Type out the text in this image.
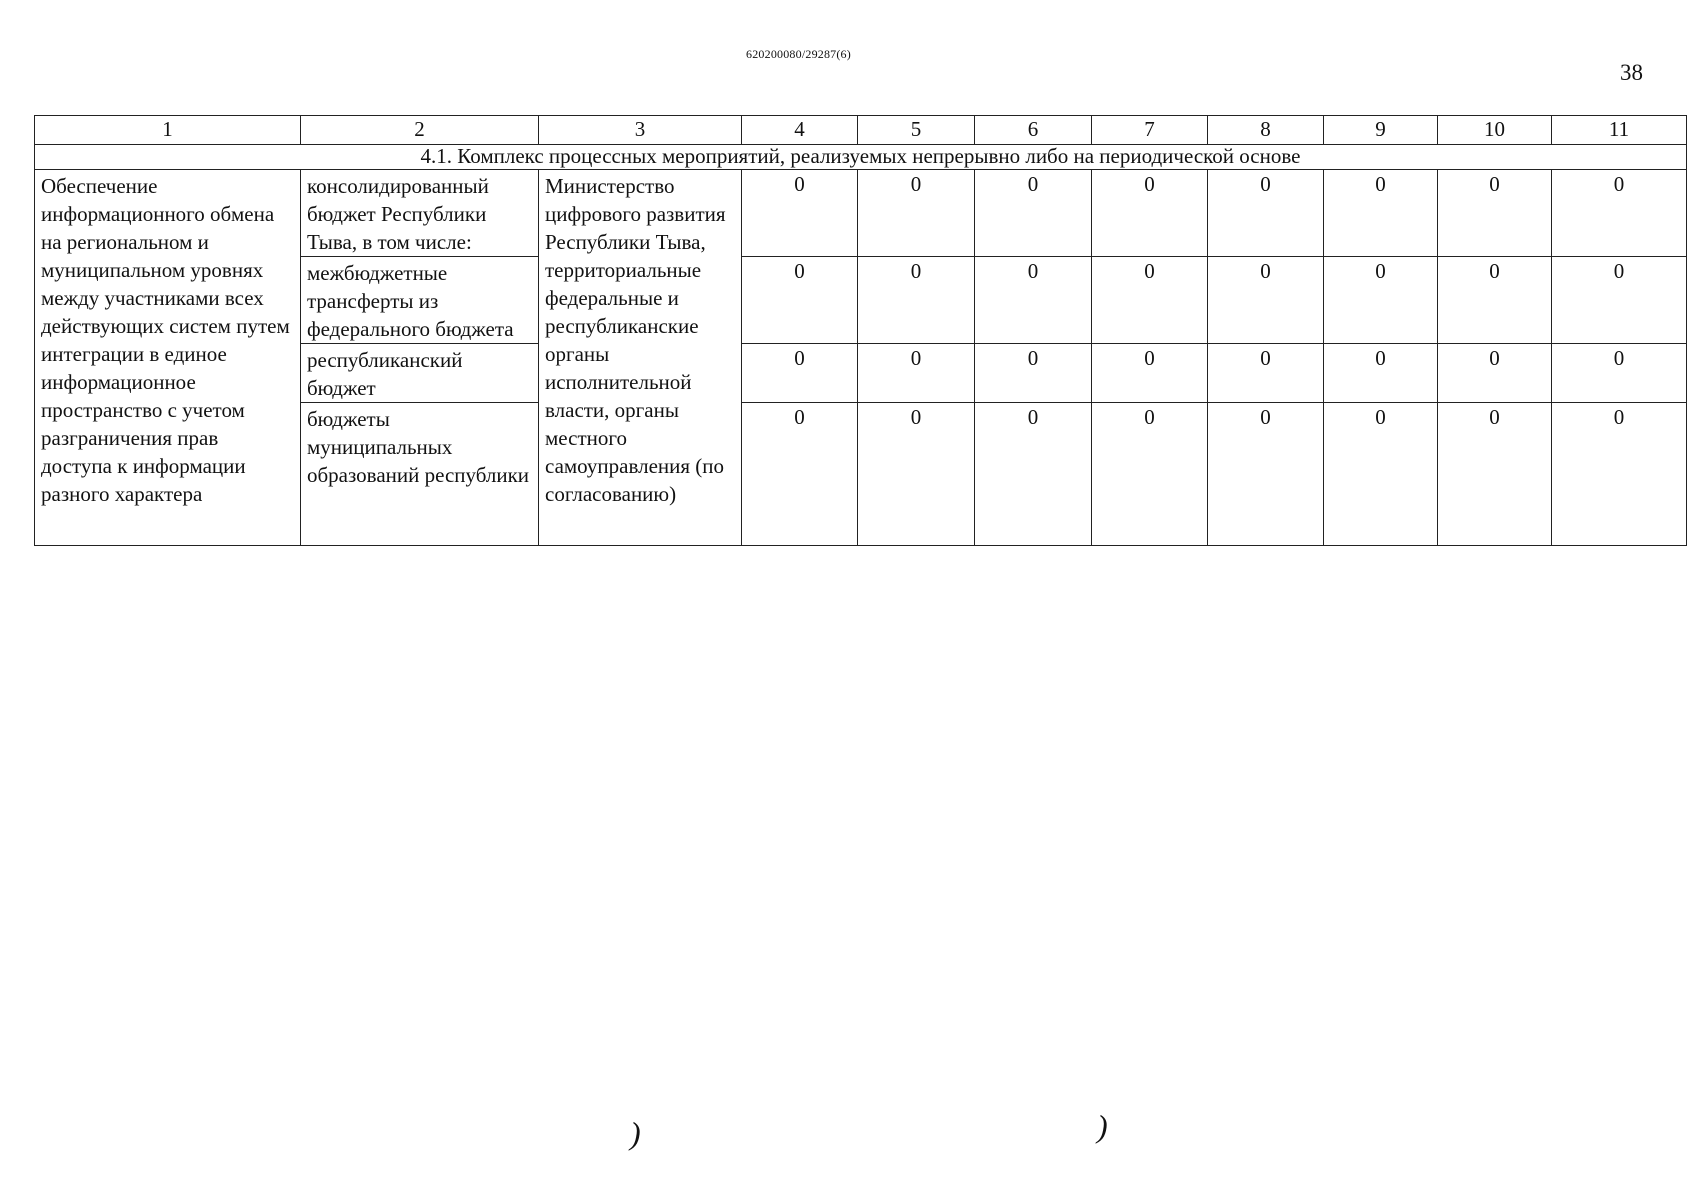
620200080/29287(6)
38
1	2	3	4	5	6	7	8	9	10	11
4.1. Комплекс процессных мероприятий, реализуемых непрерывно либо на периодической основе										
Обеспечение информационного обмена на региональном и муниципальном уровнях между участниками всех действующих систем путем интеграции в единое информационное пространство с учетом разграничения прав доступа к информации разного характера	консолидированный бюджет Республики Тыва, в том числе:	Министерство цифрового развития Республики Тыва, территориальные федеральные и республиканские органы исполнительной власти, органы местного самоуправления (по согласованию)	0	0	0	0	0	0	0	0
	межбюджетные трансферты из федерального бюджета		0	0	0	0	0	0	0	0
	республиканский бюджет		0	0	0	0	0	0	0	0
	бюджеты муниципальных образований республики		0	0	0	0	0	0	0	0
)	)
